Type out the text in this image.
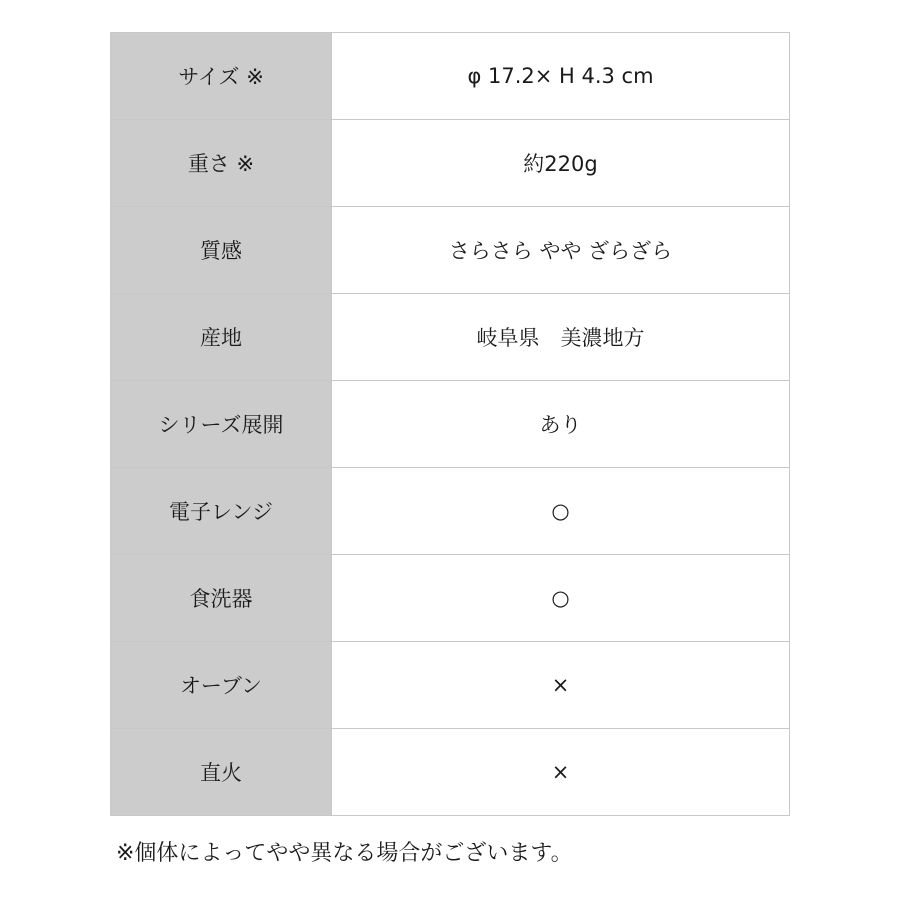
サイズ ※	φ 17.2× H 4.3 cm
重さ ※	約220g
質感	さらさら やや ざらざら
産地	岐阜県　美濃地方
シリーズ展開	あり
電子レンジ	○
食洗器	○
オーブン	×
直火	×
※個体によってやや異なる場合がございます。
